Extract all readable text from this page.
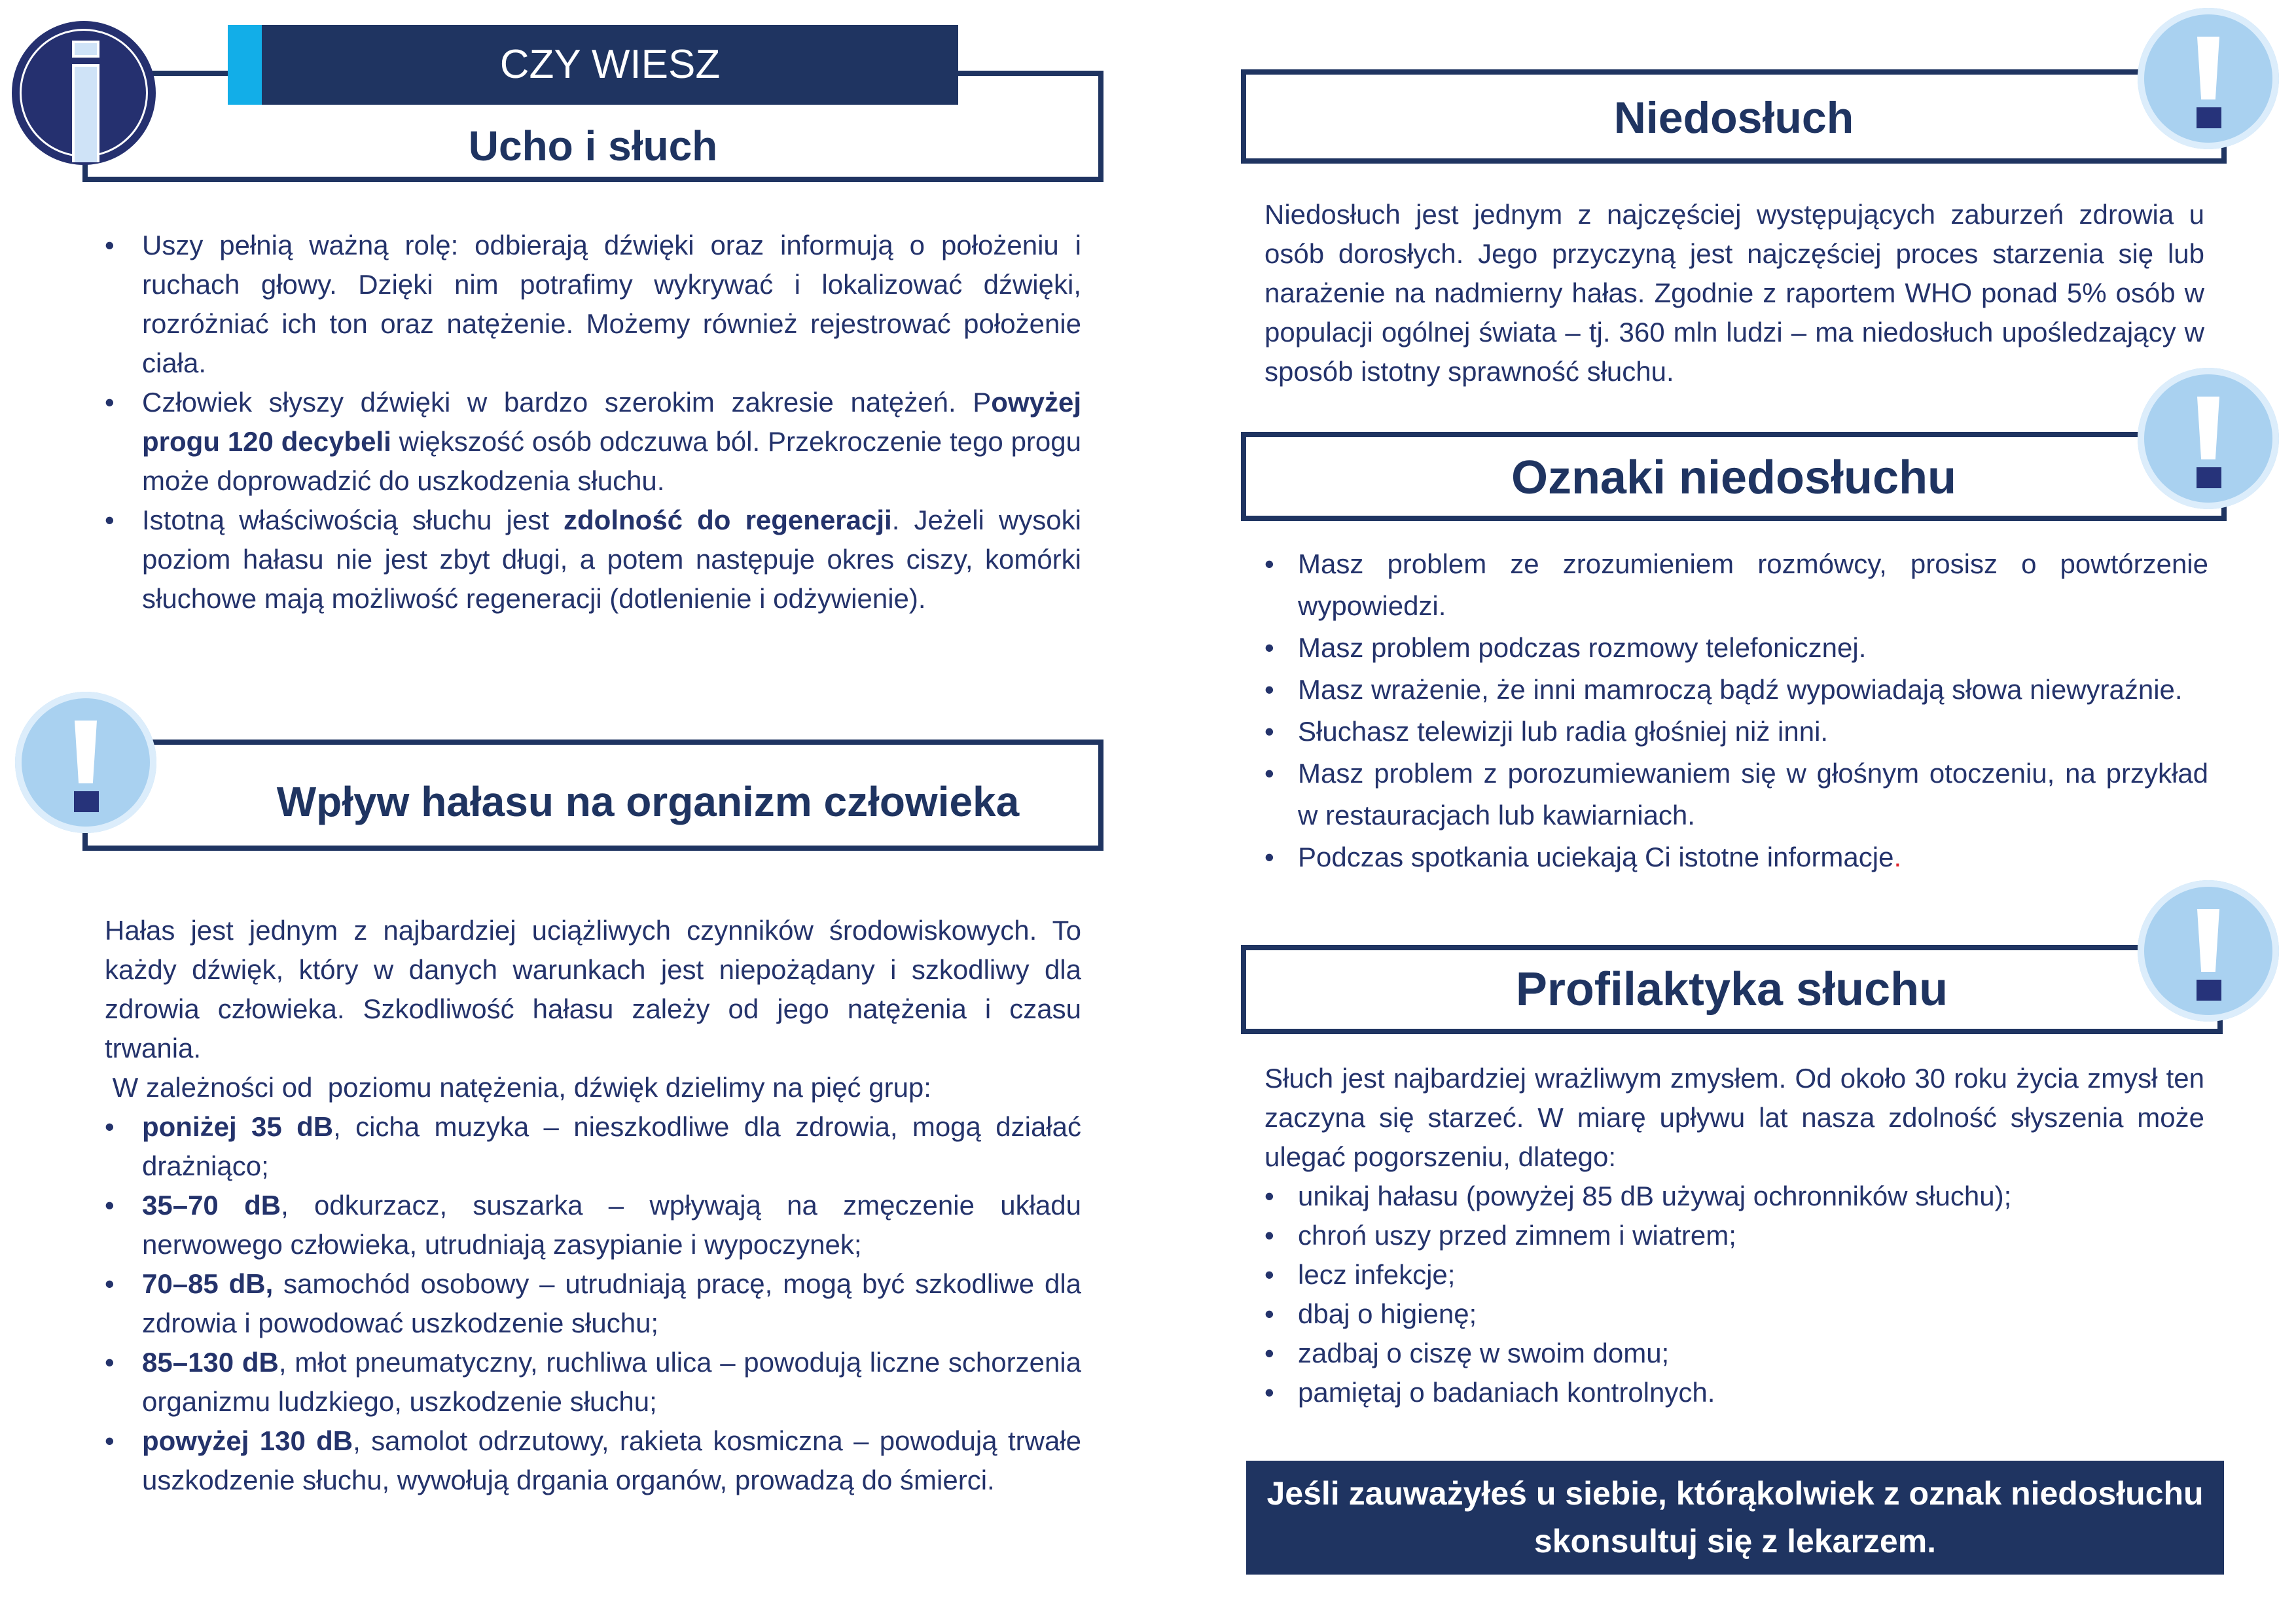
CZY WIESZ
Ucho i słuch
• Uszy pełnią ważną rolę: odbierają dźwięki oraz informują o położeniu i ruchach głowy. Dzięki nim potrafimy wykrywać i lokalizować dźwięki, rozróżniać ich ton oraz natężenie. Możemy również rejestrować położenie ciała.
• Człowiek słyszy dźwięki w bardzo szerokim zakresie natężeń. Powyżej progu 120 decybeli większość osób odczuwa ból. Przekroczenie tego progu może doprowadzić do uszkodzenia słuchu.
• Istotną właściwością słuchu jest zdolność do regeneracji. Jeżeli wysoki poziom hałasu nie jest zbyt długi, a potem następuje okres ciszy, komórki słuchowe mają możliwość regeneracji (dotlenienie i odżywienie).
Wpływ hałasu na organizm człowieka
Hałas jest jednym z najbardziej uciążliwych czynników środowiskowych. To każdy dźwięk, który w danych warunkach jest niepożądany i szkodliwy dla zdrowia człowieka. Szkodliwość hałasu zależy od jego natężenia i czasu trwania.
W zależności od  poziomu natężenia, dźwięk dzielimy na pięć grup:
• poniżej 35 dB, cicha muzyka – nieszkodliwe dla zdrowia, mogą działać drażniąco;
• 35–70 dB, odkurzacz, suszarka – wpływają na zmęczenie układu nerwowego człowieka, utrudniają zasypianie i wypoczynek;
• 70–85 dB, samochód osobowy – utrudniają pracę, mogą być szkodliwe dla zdrowia i powodować uszkodzenie słuchu;
• 85–130 dB, młot pneumatyczny, ruchliwa ulica – powodują liczne schorzenia organizmu ludzkiego, uszkodzenie słuchu;
• powyżej 130 dB, samolot odrzutowy, rakieta kosmiczna – powodują trwałe uszkodzenie słuchu, wywołują drgania organów, prowadzą do śmierci.
Niedosłuch
Niedosłuch jest jednym z najczęściej występujących zaburzeń zdrowia u osób dorosłych. Jego przyczyną jest najczęściej proces starzenia się lub narażenie na nadmierny hałas. Zgodnie z raportem WHO ponad 5% osób w populacji ogólnej świata – tj. 360 mln ludzi – ma niedosłuch upośledzający w sposób istotny sprawność słuchu.
Oznaki niedosłuchu
• Masz problem ze zrozumieniem rozmówcy, prosisz o powtórzenie wypowiedzi.
• Masz problem podczas rozmowy telefonicznej.
• Masz wrażenie, że inni mamroczą bądź wypowiadają słowa niewyraźnie.
• Słuchasz telewizji lub radia głośniej niż inni.
• Masz problem z porozumiewaniem się w głośnym otoczeniu, na przykład w restauracjach lub kawiarniach.
• Podczas spotkania uciekają Ci istotne informacje.
Profilaktyka słuchu
Słuch jest najbardziej wrażliwym zmysłem. Od około 30 roku życia zmysł ten zaczyna się starzeć. W miarę upływu lat nasza zdolność słyszenia może ulegać pogorszeniu, dlatego:
• unikaj hałasu (powyżej 85 dB używaj ochronników słuchu);
• chroń uszy przed zimnem i wiatrem;
• lecz infekcje;
• dbaj o higienę;
• zadbaj o ciszę w swoim domu;
• pamiętaj o badaniach kontrolnych.
Jeśli zauważyłeś u siebie, którąkolwiek z oznak niedosłuchu
skonsultuj się z lekarzem.
